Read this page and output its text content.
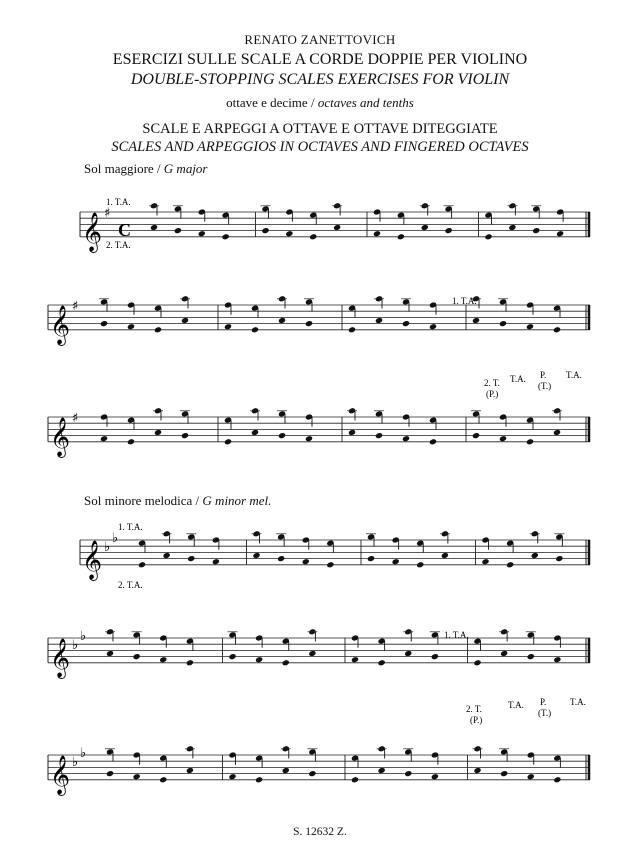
RENATO ZANETTOVICH
ESERCIZI SULLE SCALE A CORDE DOPPIE PER VIOLINO
DOUBLE-STOPPING SCALES EXERCISES FOR VIOLIN
ottave e decime / octaves and tenths
SCALE E ARPEGGI A OTTAVE E OTTAVE DITEGGIATE
SCALES AND ARPEGGIOS IN OCTAVES AND FINGERED OCTAVES
Sol maggiore / G major
Sol minore melodica / G minor mel.
𝄞 ♯
1. T.A.
2. T.A.
C
𝄞 ♯	1. T.A.
2. T.
(P.)
T.A. P.
(T.)
T.A.
𝄞 ♯
𝄞 ♭
♭
1. T.A.
2. T.A.
𝄞 ♭
♭	1. T.A.
2. T.
(P.)
T.A. P.
(T.)
T.A.
𝄞 ♭
♭
S. 12632 Z.
